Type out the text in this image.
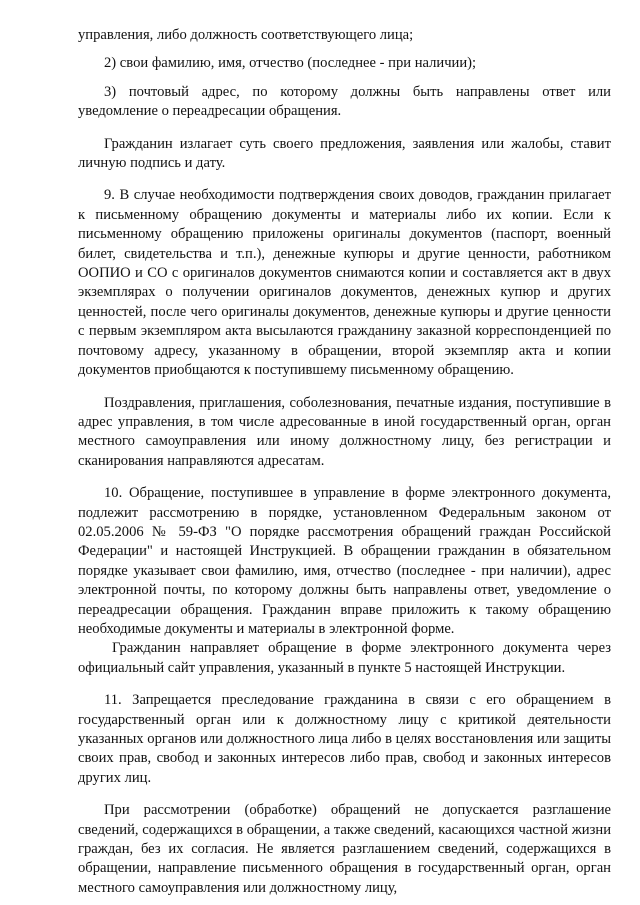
управления, либо должность соответствующего лица;

2) свои фамилию, имя, отчество (последнее - при наличии);

3) почтовый адрес, по которому должны быть направлены ответ или уведомление о переадресации обращения.

Гражданин излагает суть своего предложения, заявления или жалобы, ставит личную подпись и дату.

9. В случае необходимости подтверждения своих доводов, гражданин прилагает к письменному обращению документы и материалы либо их копии. Если к письменному обращению приложены оригиналы документов (паспорт, военный билет, свидетельства и т.п.), денежные купюры и другие ценности, работником ООПИО и СО с оригиналов документов снимаются копии и составляется акт в двух экземплярах о получении оригиналов документов, денежных купюр и других ценностей, после чего оригиналы документов, денежные купюры и другие ценности с первым экземпляром акта высылаются гражданину заказной корреспонденцией по почтовому адресу, указанному в обращении, второй экземпляр акта и копии документов приобщаются к поступившему письменному обращению.

Поздравления, приглашения, соболезнования, печатные издания, поступившие в адрес управления, в том числе адресованные в иной государственный орган, орган местного самоуправления или иному должностному лицу, без регистрации и сканирования направляются адресатам.

10. Обращение, поступившее в управление в форме электронного документа, подлежит рассмотрению в порядке, установленном Федеральным законом от 02.05.2006 № 59-ФЗ "О порядке рассмотрения обращений граждан Российской Федерации" и настоящей Инструкцией. В обращении гражданин в обязательном порядке указывает свои фамилию, имя, отчество (последнее - при наличии), адрес электронной почты, по которому должны быть направлены ответ, уведомление о переадресации обращения. Гражданин вправе приложить к такому обращению необходимые документы и материалы в электронной форме.

Гражданин направляет обращение в форме электронного документа через официальный сайт управления, указанный в пункте 5 настоящей Инструкции.

11. Запрещается преследование гражданина в связи с его обращением в государственный орган или к должностному лицу с критикой деятельности указанных органов или должностного лица либо в целях восстановления или защиты своих прав, свобод и законных интересов либо прав, свобод и законных интересов других лиц.

При рассмотрении (обработке) обращений не допускается разглашение сведений, содержащихся в обращении, а также сведений, касающихся частной жизни граждан, без их согласия. Не является разглашением сведений, содержащихся в обращении, направление письменного обращения в государственный орган, орган местного самоуправления или должностному лицу,
